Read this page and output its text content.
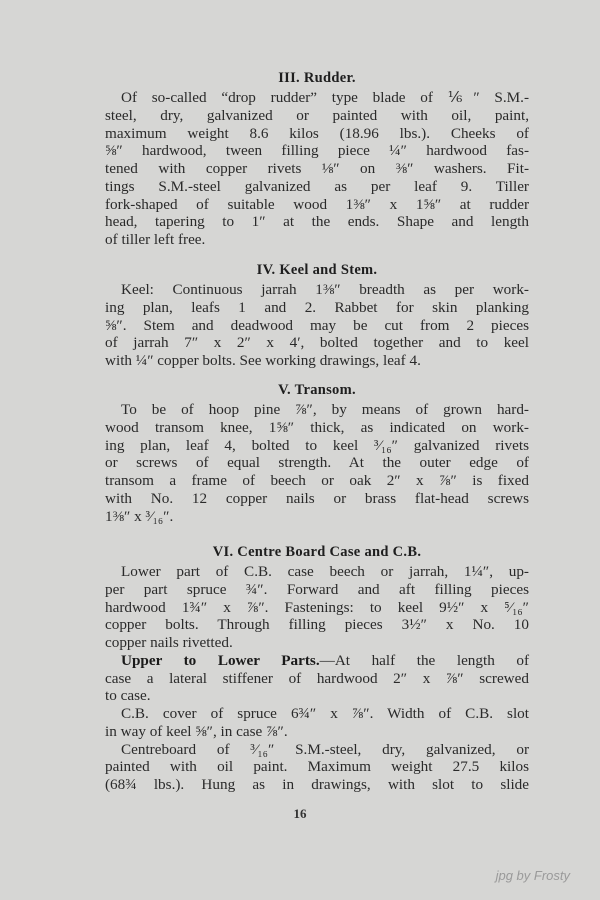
III. Rudder.
Of so-called “drop rudder” type blade of ⅙″ S.M.-
steel, dry, galvanized or painted with oil, paint,
maximum weight 8.6 kilos (18.96 lbs.). Cheeks of
⅝″ hardwood, tween filling piece ¼″ hardwood fas-
tened with copper rivets ⅛″ on ⅜″ washers. Fit-
tings S.M.-steel galvanized as per leaf 9. Tiller
fork-shaped of suitable wood 1⅜″ x 1⅝″ at rudder
head, tapering to 1″ at the ends. Shape and length
of tiller left free.
IV. Keel and Stem.
Keel: Continuous jarrah 1⅜″ breadth as per work-
ing plan, leafs 1 and 2. Rabbet for skin planking
⅝″. Stem and deadwood may be cut from 2 pieces
of jarrah 7″ x 2″ x 4′, bolted together and to keel
with ¼″ copper bolts. See working drawings, leaf 4.
V. Transom.
To be of hoop pine ⅞″, by means of grown hard-
wood transom knee, 1⅝″ thick, as indicated on work-
ing plan, leaf 4, bolted to keel ³⁄₁₆″ galvanized rivets
or screws of equal strength. At the outer edge of
transom a frame of beech or oak 2″ x ⅞″ is fixed
with No. 12 copper nails or brass flat-head screws
1⅜″ x ³⁄₁₆″.
VI. Centre Board Case and C.B.
Lower part of C.B. case beech or jarrah, 1¼″, up-
per part spruce ¾″. Forward and aft filling pieces
hardwood 1¾″ x ⅞″. Fastenings: to keel 9½″ x ⁵⁄₁₆″
copper bolts. Through filling pieces 3½″ x No. 10
copper nails rivetted.
Upper to Lower Parts.—At half the length of
case a lateral stiffener of hardwood 2″ x ⅞″ screwed
to case.
C.B. cover of spruce 6¾″ x ⅞″. Width of C.B. slot
in way of keel ⅝″, in case ⅞″.
Centreboard of ³⁄₁₆″ S.M.-steel, dry, galvanized, or
painted with oil paint. Maximum weight 27.5 kilos
(68¾ lbs.). Hung as in drawings, with slot to slide
16
jpg by Frosty
